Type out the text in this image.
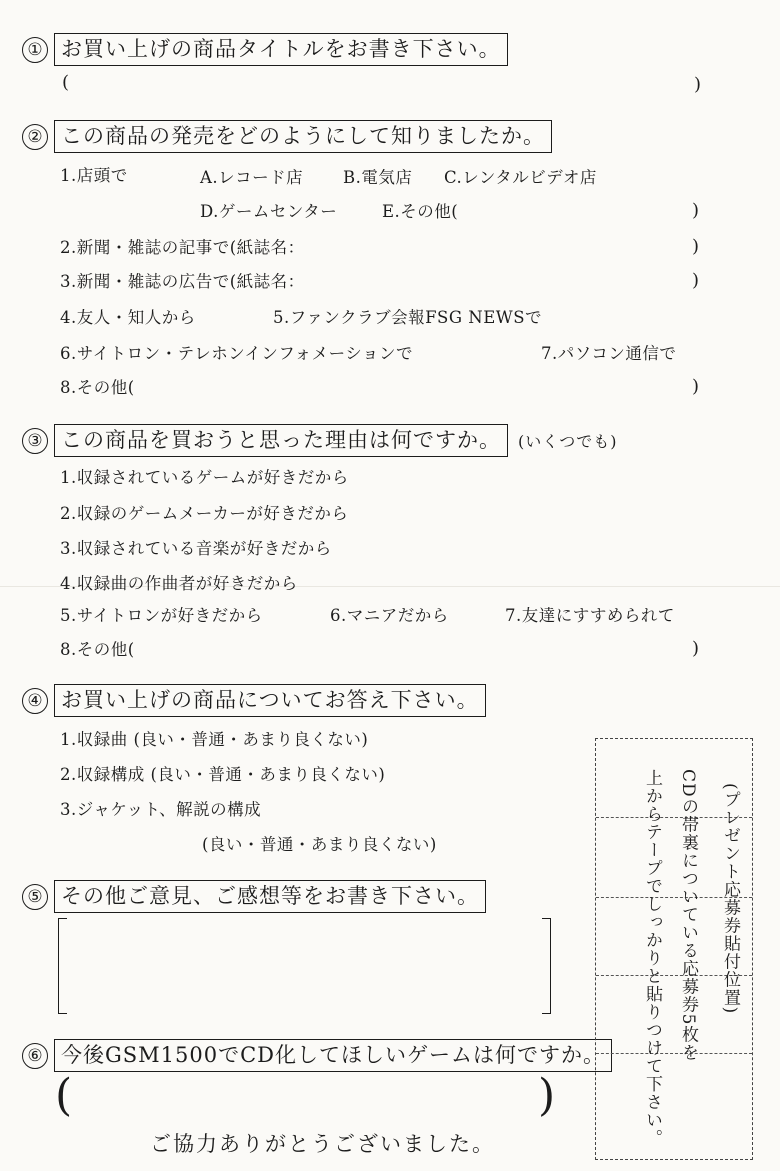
① お買い上げの商品タイトルをお書き下さい。
(	)
② この商品の発売をどのようにして知りましたか。
1.店頭で	A.レコード店 B.電気店 C.レンタルビデオ店
D.ゲームセンター	E.その他(	)
2.新聞・雑誌の記事で(紙誌名：	)
3.新聞・雑誌の広告で(紙誌名：	)
4.友人・知人から	5.ファンクラブ会報FSG NEWSで
6.サイトロン・テレホンインフォメーションで	7.パソコン通信で
8.その他(	)
③ この商品を買おうと思った理由は何ですか。	(いくつでも)
1.収録されているゲームが好きだから
2.収録のゲームメーカーが好きだから
3.収録されている音楽が好きだから
4.収録曲の作曲者が好きだから
5.サイトロンが好きだから	6.マニアだから	7.友達にすすめられて
8.その他(	)
④ お買い上げの商品についてお答え下さい。
1.収録曲 (良い・普通・あまり良くない)
2.収録構成 (良い・普通・あまり良くない)
3.ジャケット、解説の構成
(良い・普通・あまり良くない)
⑤ その他ご意見、ご感想等をお書き下さい。
⑥ 今後GSM1500でCD化してほしいゲームは何ですか。
(	)
(プレゼント応募券貼付位置)
CDの帯裏についている応募券5枚を
上からテープでしっかりと貼りつけて下さい。
ご協力ありがとうございました。
